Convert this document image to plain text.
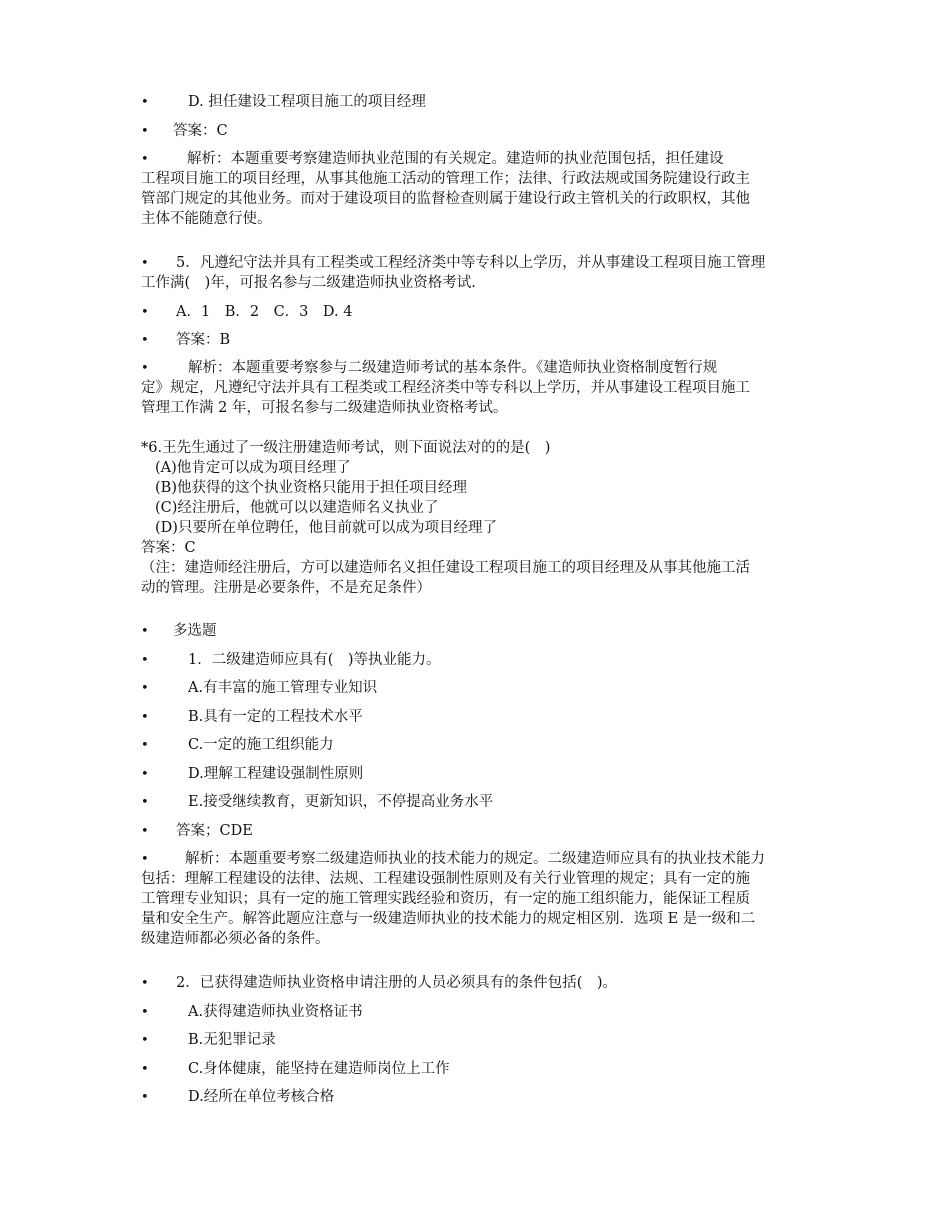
•	D. 担任建设工程项目施工的项目经理
• 答案：C
•	解析：本题重要考察建造师执业范围的有关规定。建造师的执业范围包括，担任建设
工程项目施工的项目经理，从事其他施工活动的管理工作；法律、行政法规或国务院建设行政主
管部门规定的其他业务。而对于建设项目的监督检查则属于建设行政主管机关的行政职权，其他
主体不能随意行使。
• 5．凡遵纪守法并具有工程类或工程经济类中等专科以上学历，并从事建设工程项目施工管理
工作满(　)年，可报名参与二级建造师执业资格考试.
• A．1　B．2　C．3　D. 4
• 答案：B
•	解析：本题重要考察参与二级建造师考试的基本条件。《建造师执业资格制度暂行规
定》规定，凡遵纪守法并具有工程类或工程经济类中等专科以上学历，并从事建设工程项目施工
管理工作满 2 年，可报名参与二级建造师执业资格考试。
*6.王先生通过了一级注册建造师考试，则下面说法对的的是(　)
(A)他肯定可以成为项目经理了
(B)他获得的这个执业资格只能用于担任项目经理
(C)经注册后，他就可以以建造师名义执业了
(D)只要所在单位聘任，他目前就可以成为项目经理了
答案：C
（注：建造师经注册后，方可以建造师名义担任建设工程项目施工的项目经理及从事其他施工活
动的管理。注册是必要条件，不是充足条件）
• 多选题
•	1．二级建造师应具有(　)等执业能力。
•	A.有丰富的施工管理专业知识
•	B.具有一定的工程技术水平
•	C.一定的施工组织能力
•	D.理解工程建设强制性原则
•	E.接受继续教育，更新知识，不停提高业务水平
• 答案；CDE
•	解析：本题重要考察二级建造师执业的技术能力的规定。二级建造师应具有的执业技术能力
包括：理解工程建设的法律、法规、工程建设强制性原则及有关行业管理的规定；具有一定的施
工管理专业知识；具有一定的施工管理实践经验和资历，有一定的施工组织能力，能保证工程质
量和安全生产。解答此题应注意与一级建造师执业的技术能力的规定相区别．选项 E 是一级和二
级建造师都必须必备的条件。
• 2．已获得建造师执业资格申请注册的人员必须具有的条件包括(　)。
•	A.获得建造师执业资格证书
•	B.无犯罪记录
•	C.身体健康，能坚持在建造师岗位上工作
•	D.经所在单位考核合格
